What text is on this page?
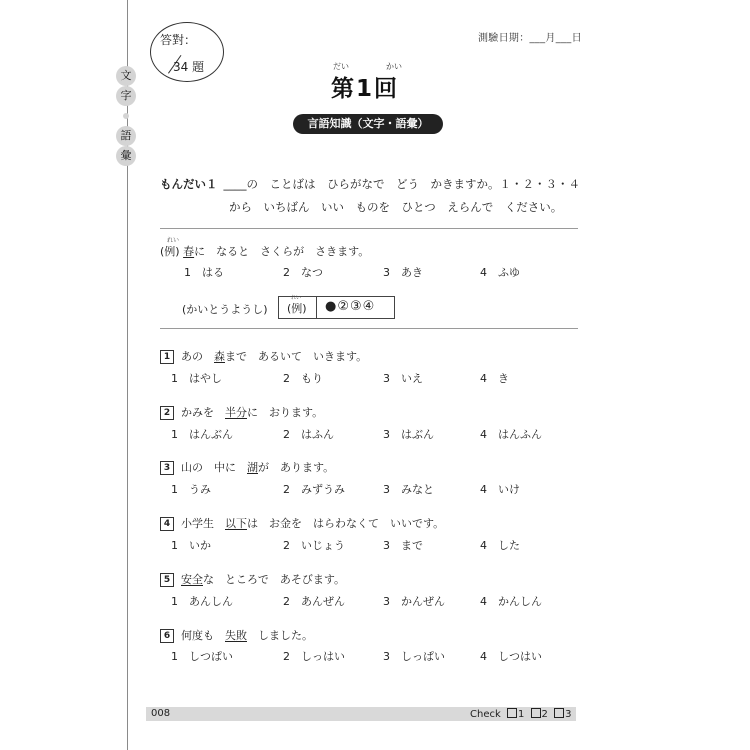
文
字
語
彙
答對：
34 題
測驗日期：___月___日
だい	かい
第1回
言語知識（文字・語彙）
もんだい１ ____の　ことばは　ひらがなで　どう　かきますか。１・２・３・４
から　いちばん　いい　ものを　ひとつ　えらんで　ください。
れい
(例) 春に　なると　さくらが　さきます。
1　はる	2　なつ	3　あき	4　ふゆ
(かいとうようし)
れい
(例) ●②③④
1 あの　森まで　あるいて　いきます。
1　はやし	2　もり	3　いえ	4　き
2 かみを　半分に　おります。
1　はんぶん	2　はふん	3　はぶん	4　はんふん
3 山の　中に　湖が　あります。
1　うみ	2　みずうみ	3　みなと	4　いけ
4 小学生　以下は　お金を　はらわなくて　いいです。
1　いか	2　いじょう	3　まで	4　した
5 安全な　ところで　あそびます。
1　あんしん	2　あんぜん	3　かんぜん	4　かんしん
6 何度も　失敗　しました。
1　しつぱい	2　しっはい	3　しっぱい	4　しつはい
008	Check 1 2 3
